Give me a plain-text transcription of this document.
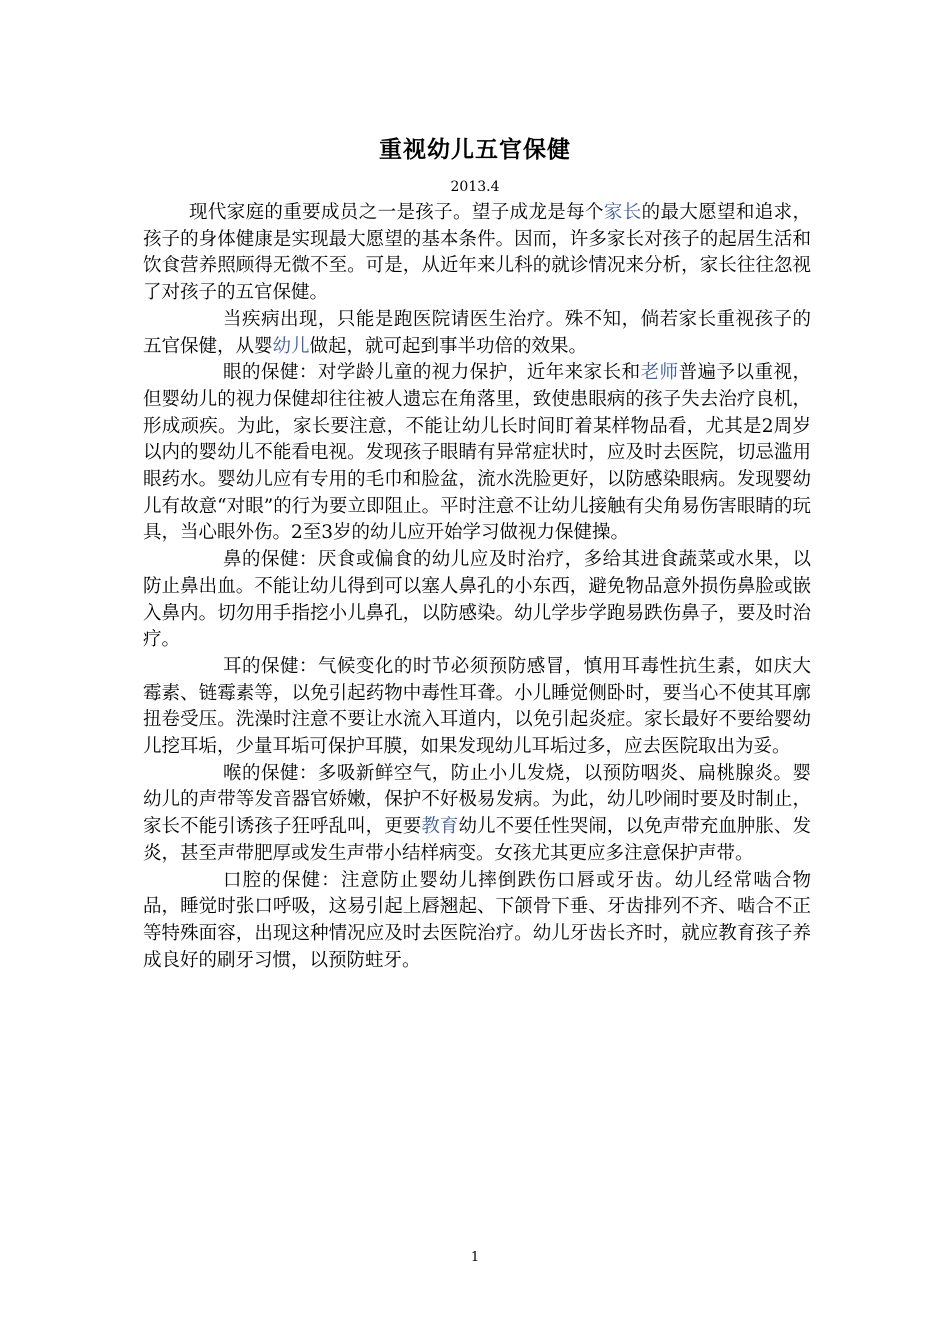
重视幼儿五官保健
2013.4

现代家庭的重要成员之一是孩子。望子成龙是每个家长的最大愿望和追求，孩子的身体健康是实现最大愿望的基本条件。因而，许多家长对孩子的起居生活和饮食营养照顾得无微不至。可是，从近年来儿科的就诊情况来分析，家长往往忽视了对孩子的五官保健。

当疾病出现，只能是跑医院请医生治疗。殊不知，倘若家长重视孩子的五官保健，从婴幼儿做起，就可起到事半功倍的效果。

眼的保健：对学龄儿童的视力保护，近年来家长和老师普遍予以重视，但婴幼儿的视力保健却往往被人遗忘在角落里，致使患眼病的孩子失去治疗良机，形成顽疾。为此，家长要注意，不能让幼儿长时间盯着某样物品看，尤其是2周岁以内的婴幼儿不能看电视。发现孩子眼睛有异常症状时，应及时去医院，切忌滥用眼药水。婴幼儿应有专用的毛巾和脸盆，流水洗脸更好，以防感染眼病。发现婴幼儿有故意“对眼”的行为要立即阻止。平时注意不让幼儿接触有尖角易伤害眼睛的玩具，当心眼外伤。2至3岁的幼儿应开始学习做视力保健操。

鼻的保健：厌食或偏食的幼儿应及时治疗，多给其进食蔬菜或水果，以防止鼻出血。不能让幼儿得到可以塞人鼻孔的小东西，避免物品意外损伤鼻脸或嵌入鼻内。切勿用手指挖小儿鼻孔，以防感染。幼儿学步学跑易跌伤鼻子，要及时治疗。

耳的保健：气候变化的时节必须预防感冒，慎用耳毒性抗生素，如庆大霉素、链霉素等，以免引起药物中毒性耳聋。小儿睡觉侧卧时，要当心不使其耳廓扭卷受压。洗澡时注意不要让水流入耳道内，以免引起炎症。家长最好不要给婴幼儿挖耳垢，少量耳垢可保护耳膜，如果发现幼儿耳垢过多，应去医院取出为妥。

喉的保健：多吸新鲜空气，防止小儿发烧，以预防咽炎、扁桃腺炎。婴幼儿的声带等发音器官娇嫩，保护不好极易发病。为此，幼儿吵闹时要及时制止，家长不能引诱孩子狂呼乱叫，更要教育幼儿不要任性哭闹，以免声带充血肿胀、发炎，甚至声带肥厚或发生声带小结样病变。女孩尤其更应多注意保护声带。

口腔的保健：注意防止婴幼儿摔倒跌伤口唇或牙齿。幼儿经常啮合物品，睡觉时张口呼吸，这易引起上唇翘起、下颌骨下垂、牙齿排列不齐、啮合不正等特殊面容，出现这种情况应及时去医院治疗。幼儿牙齿长齐时，就应教育孩子养成良好的刷牙习惯，以预防蛀牙。

1
